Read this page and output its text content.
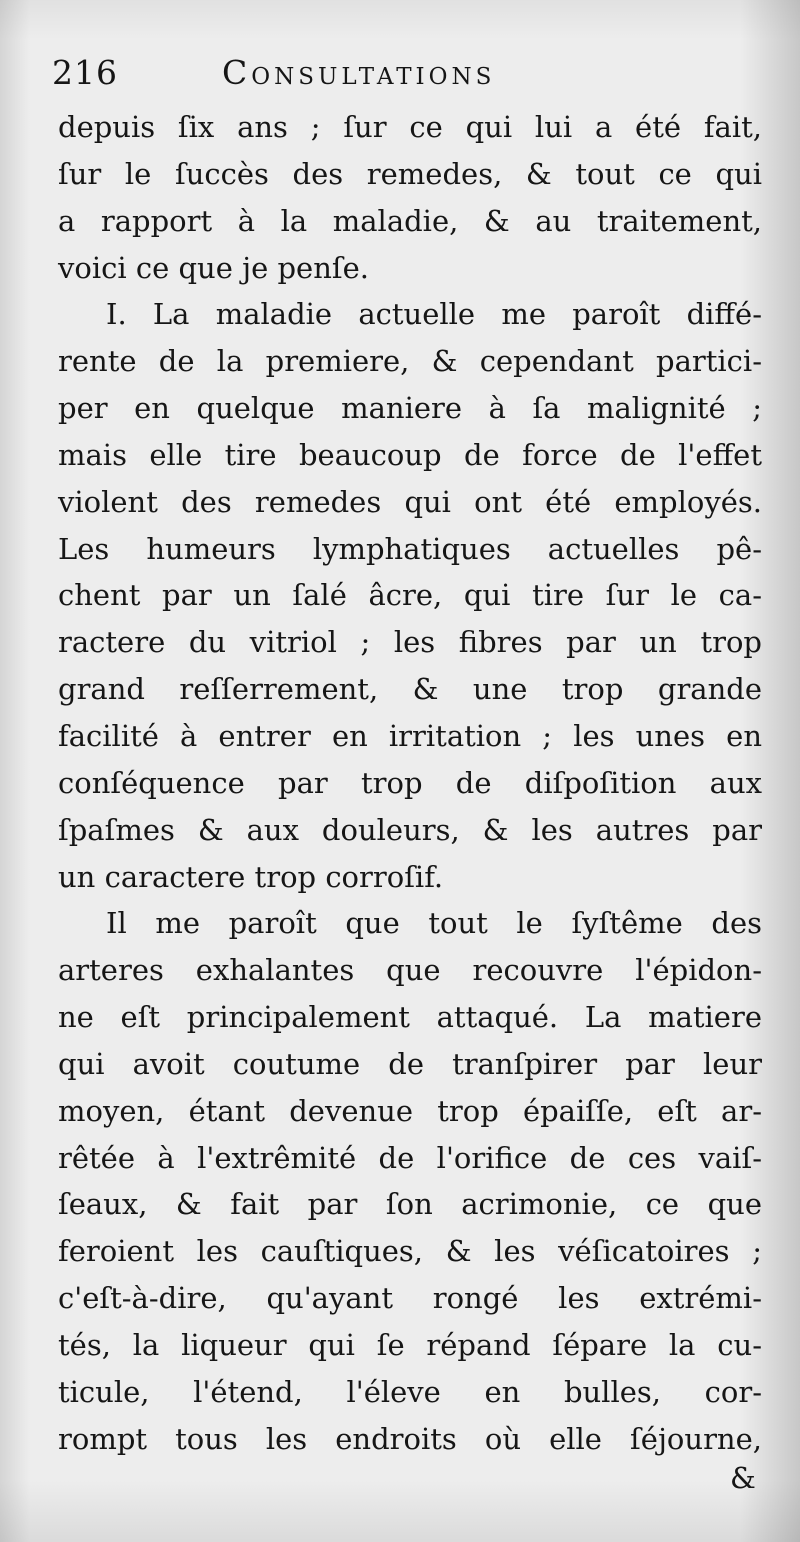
216	Consultations
depuis ſix ans ; ſur ce qui lui a été fait,
ſur le ſuccès des remedes, & tout ce qui
a rapport à la maladie, & au traitement,
voici ce que je penſe.
I. La maladie actuelle me paroît diffé-
rente de la premiere, & cependant partici-
per en quelque maniere à ſa malignité ;
mais elle tire beaucoup de force de l'effet
violent des remedes qui ont été employés.
Les humeurs lymphatiques actuelles pê-
chent par un ſalé âcre, qui tire ſur le ca-
ractere du vitriol ; les fibres par un trop
grand reſſerrement, & une trop grande
facilité à entrer en irritation ; les unes en
conſéquence par trop de diſpoſition aux
ſpaſmes & aux douleurs, & les autres par
un caractere trop corroſif.
Il me paroît que tout le ſyſtême des
arteres exhalantes que recouvre l'épidon-
ne eſt principalement attaqué. La matiere
qui avoit coutume de tranſpirer par leur
moyen, étant devenue trop épaiſſe, eſt ar-
rêtée à l'extrêmité de l'orifice de ces vaiſ-
ſeaux, & fait par ſon acrimonie, ce que
feroient les cauſtiques, & les véſicatoires ;
c'eſt-à-dire, qu'ayant rongé les extrémi-
tés, la liqueur qui ſe répand ſépare la cu-
ticule, l'étend, l'éleve en bulles, cor-
rompt tous les endroits où elle ſéjourne,
&
